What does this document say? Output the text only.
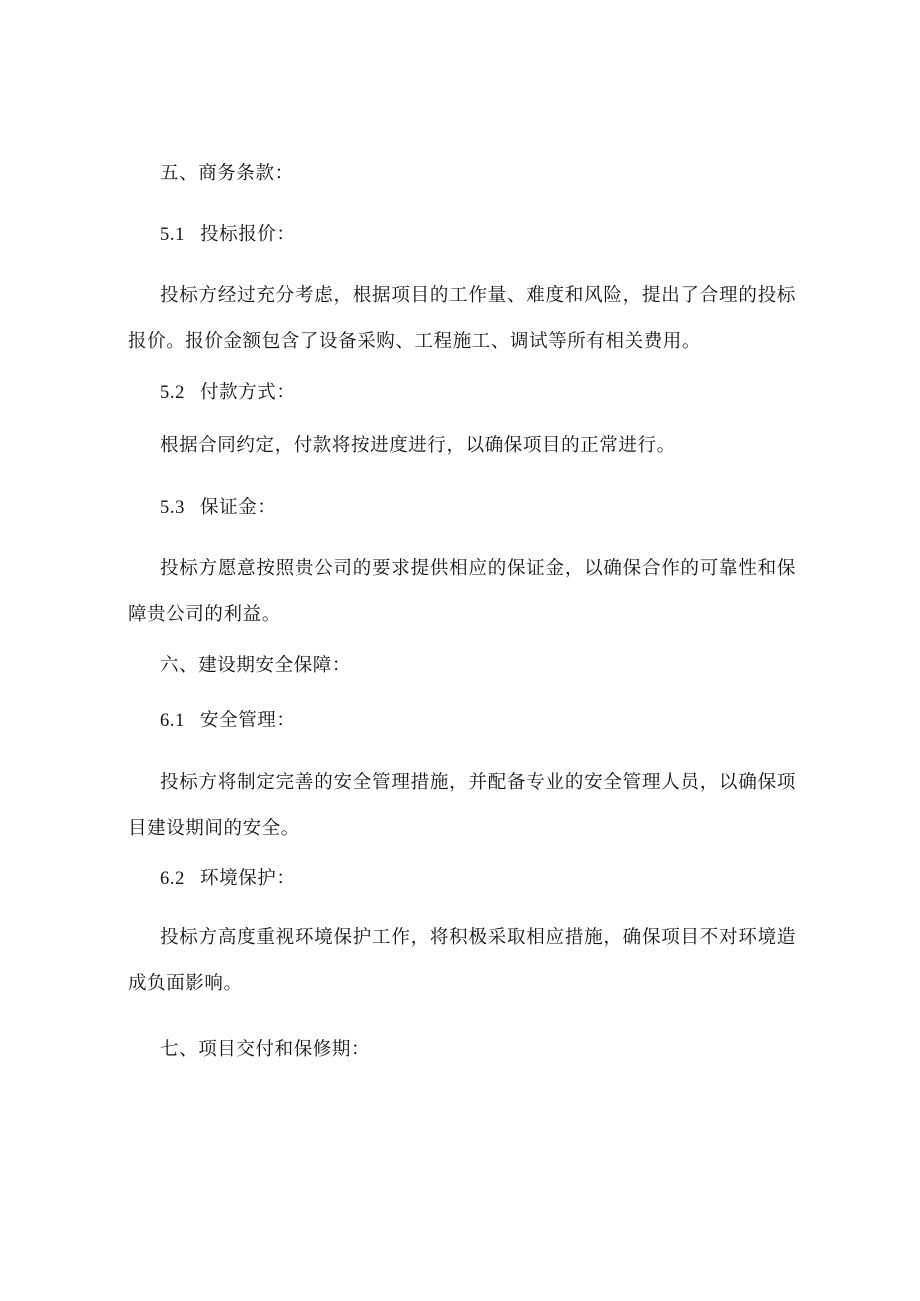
五、商务条款：
5.1 投标报价：
投标方经过充分考虑，根据项目的工作量、难度和风险，提出了合理的投标报价。报价金额包含了设备采购、工程施工、调试等所有相关费用。
5.2 付款方式：
根据合同约定，付款将按进度进行，以确保项目的正常进行。
5.3 保证金：
投标方愿意按照贵公司的要求提供相应的保证金，以确保合作的可靠性和保障贵公司的利益。
六、建设期安全保障：
6.1 安全管理：
投标方将制定完善的安全管理措施，并配备专业的安全管理人员，以确保项目建设期间的安全。
6.2 环境保护：
投标方高度重视环境保护工作，将积极采取相应措施，确保项目不对环境造成负面影响。
七、项目交付和保修期：
